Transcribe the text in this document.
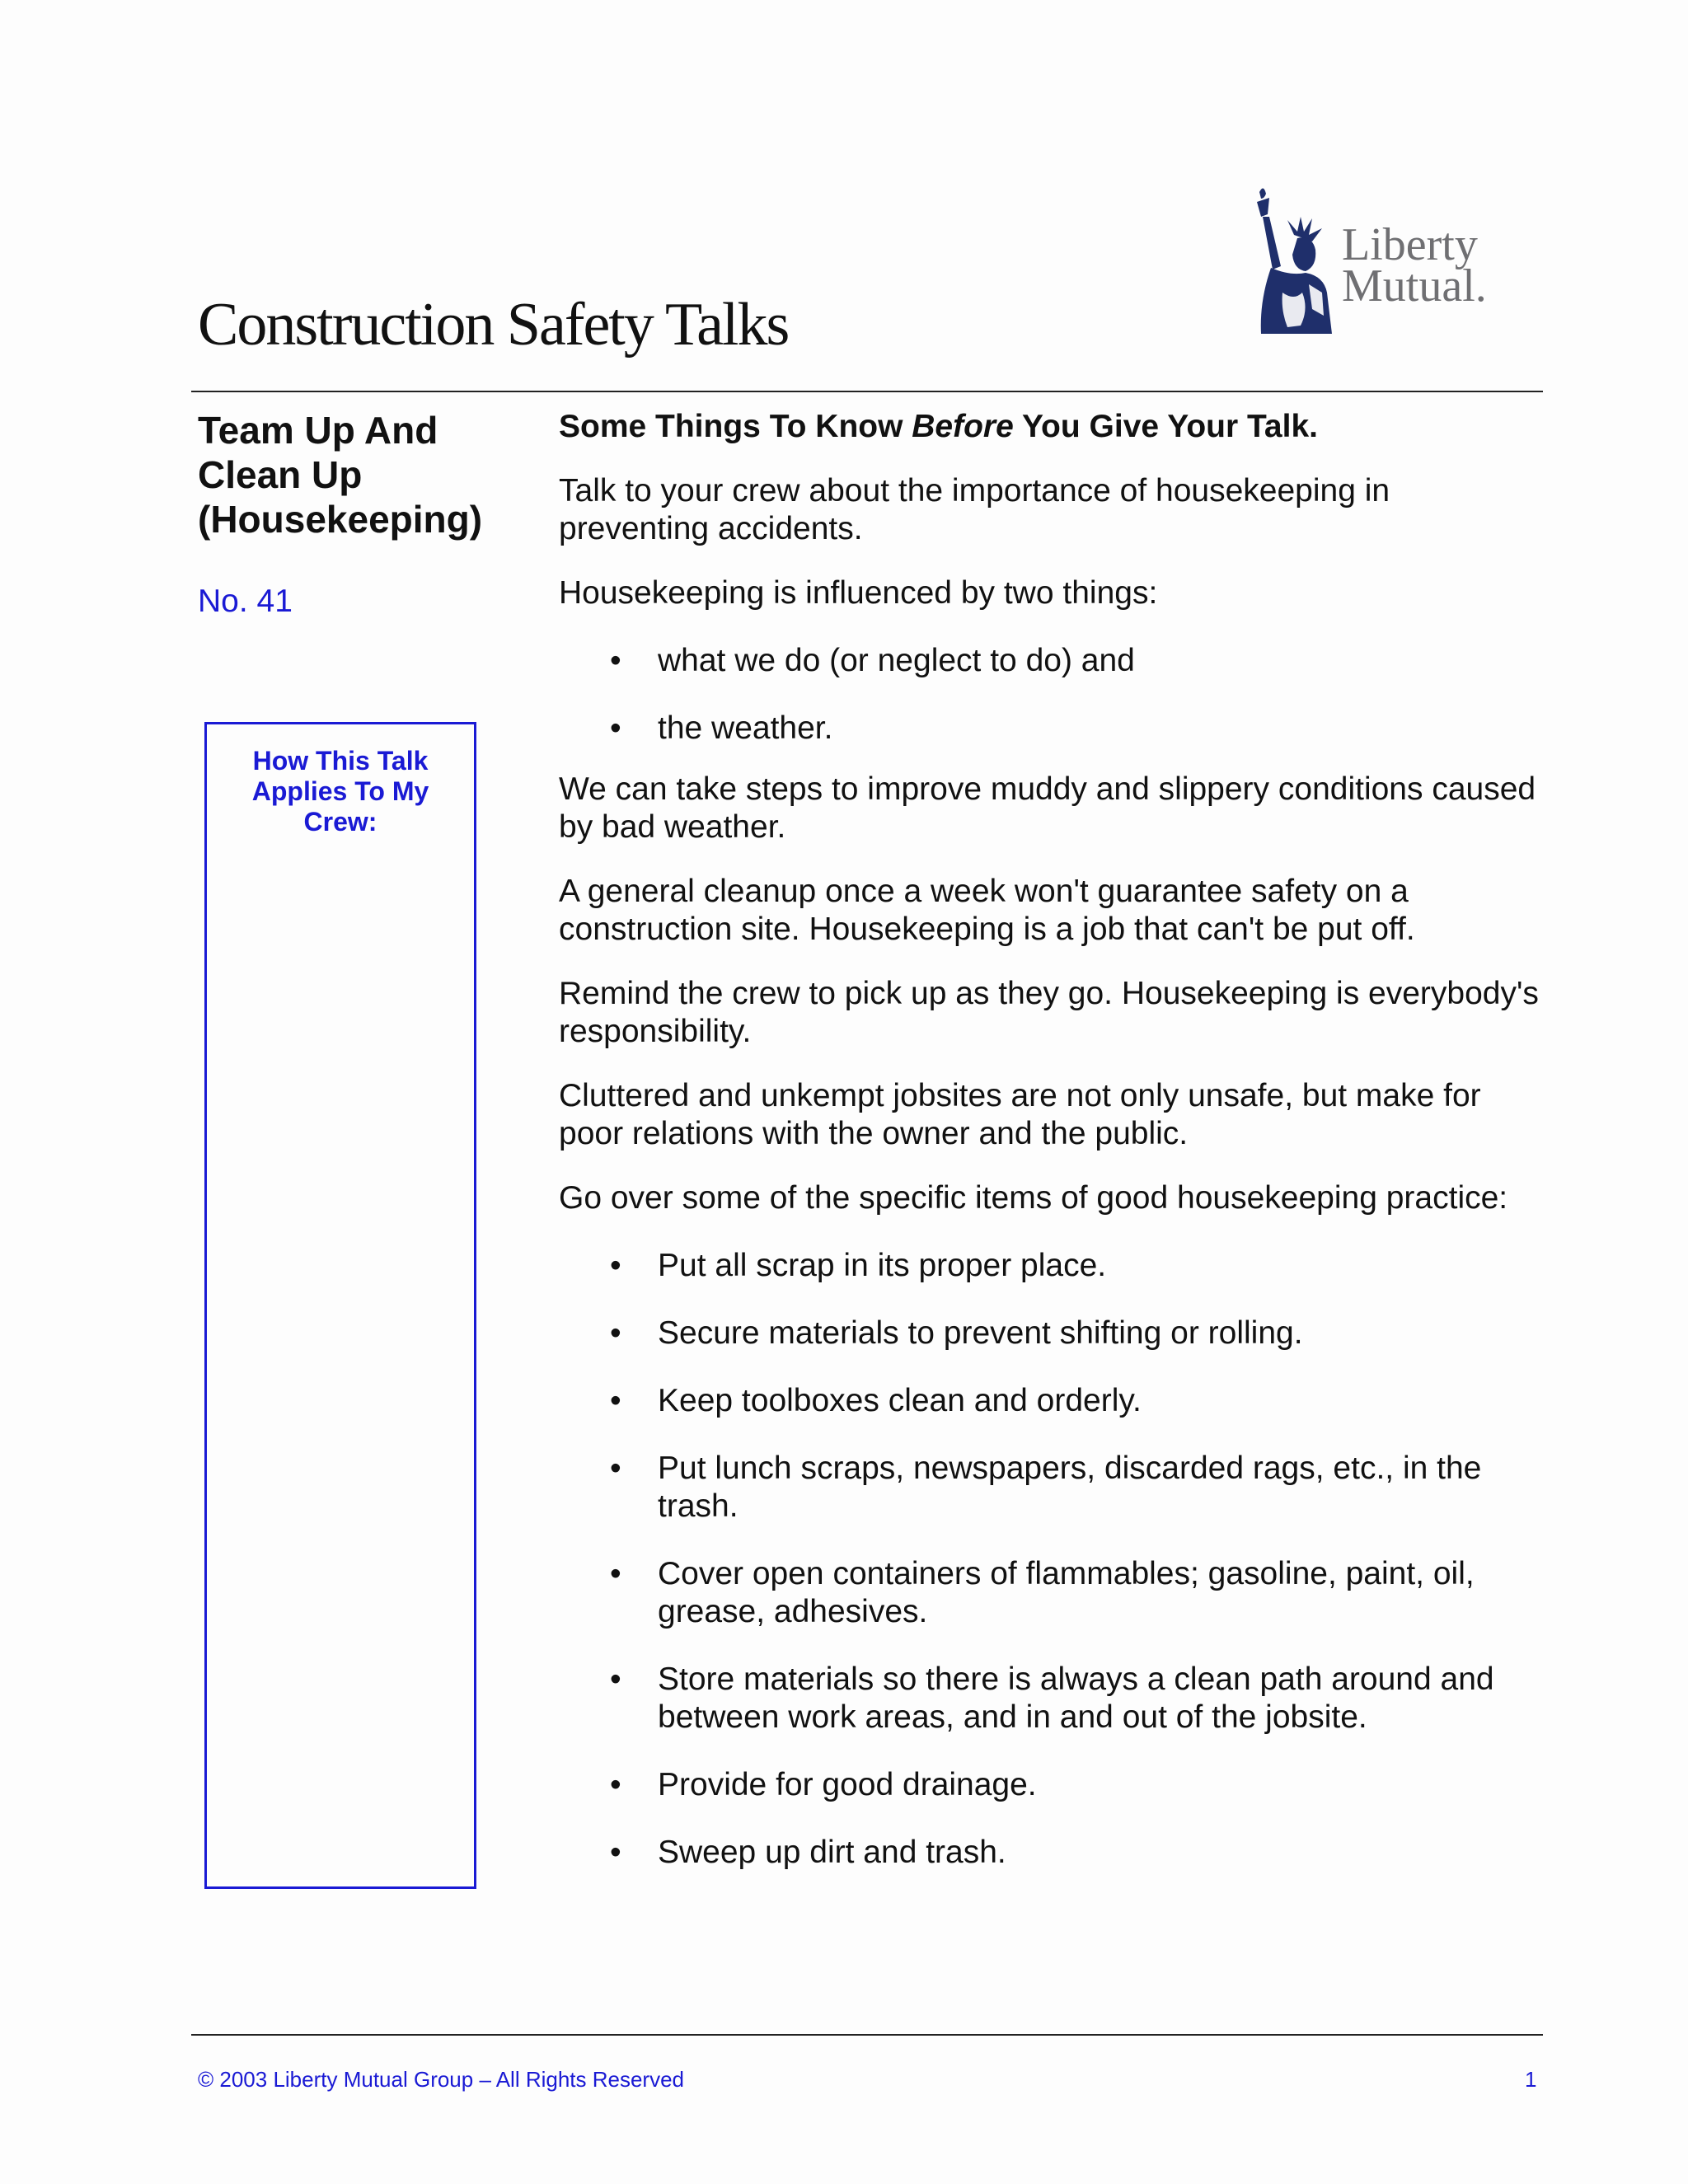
Construction Safety Talks
Liberty
Mutual.
Team Up And Clean Up (Housekeeping)
No. 41
How This Talk Applies To My Crew:

Some Things To Know Before You Give Your Talk.

Talk to your crew about the importance of housekeeping in preventing accidents.

Housekeeping is influenced by two things:

• what we do (or neglect to do) and
• the weather.

We can take steps to improve muddy and slippery conditions caused by bad weather.

A general cleanup once a week won't guarantee safety on a construction site. Housekeeping is a job that can't be put off.

Remind the crew to pick up as they go. Housekeeping is everybody's responsibility.

Cluttered and unkempt jobsites are not only unsafe, but make for poor relations with the owner and the public.

Go over some of the specific items of good housekeeping practice:

• Put all scrap in its proper place.
• Secure materials to prevent shifting or rolling.
• Keep toolboxes clean and orderly.
• Put lunch scraps, newspapers, discarded rags, etc., in the trash.
• Cover open containers of flammables; gasoline, paint, oil, grease, adhesives.
• Store materials so there is always a clean path around and between work areas, and in and out of the jobsite.
• Provide for good drainage.
• Sweep up dirt and trash.
© 2003 Liberty Mutual Group – All Rights Reserved	1
